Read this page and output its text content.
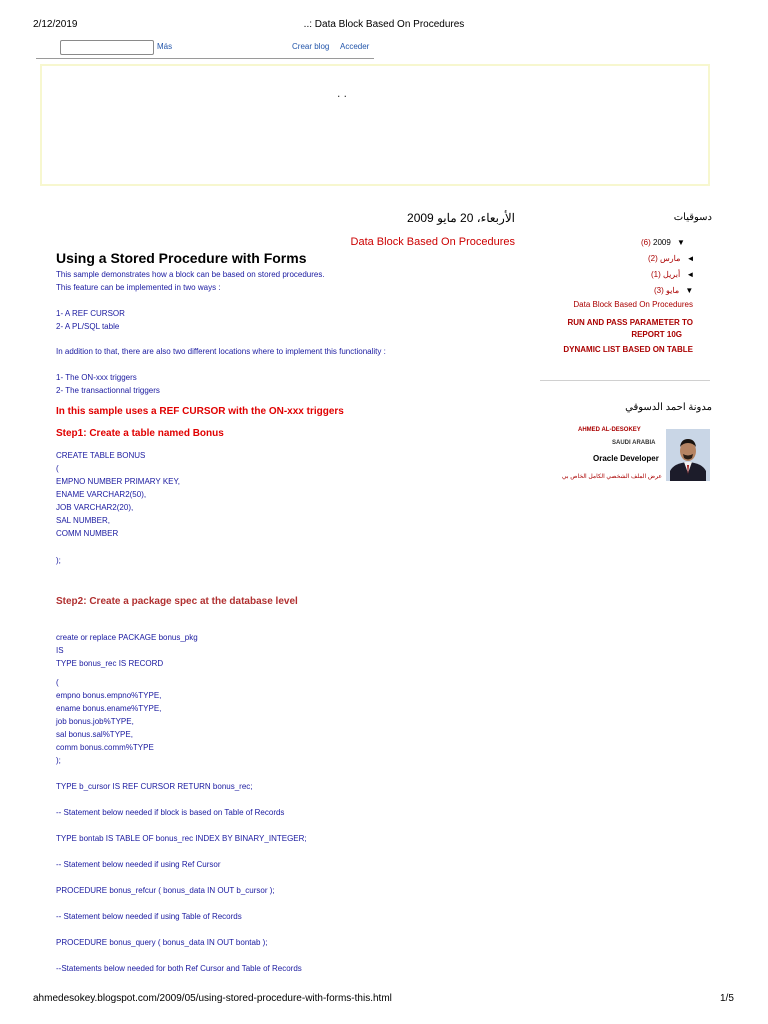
2/12/2019	..: Data Block Based On Procedures
Más	Crear blog Acceder
. .
الأربعاء، 20 مايو 2009
Data Block Based On Procedures
Using a Stored Procedure with Forms
This sample demonstrates how a block can be based on stored procedures.
This feature can be implemented in two ways :
1- A REF CURSOR
2- A PL/SQL table
In addition to that, there are also two different locations where to implement this functionality :
1- The ON-xxx triggers
2- The transactionnal triggers
In this sample uses a REF CURSOR with the ON-xxx triggers
Step1: Create a table named Bonus
CREATE TABLE BONUS
(
EMPNO NUMBER PRIMARY KEY,
ENAME VARCHAR2(50),
JOB VARCHAR2(20),
SAL NUMBER,
COMM NUMBER
);
Step2: Create a package spec at the database level
create or replace PACKAGE bonus_pkg
IS
TYPE bonus_rec IS RECORD
(
empno bonus.empno%TYPE,
ename bonus.ename%TYPE,
job bonus.job%TYPE,
sal bonus.sal%TYPE,
comm bonus.comm%TYPE
);
TYPE b_cursor IS REF CURSOR RETURN bonus_rec;
-- Statement below needed if block is based on Table of Records
TYPE bontab IS TABLE OF bonus_rec INDEX BY BINARY_INTEGER;
-- Statement below needed if using Ref Cursor
PROCEDURE bonus_refcur ( bonus_data IN OUT b_cursor );
-- Statement below needed if using Table of Records
PROCEDURE bonus_query ( bonus_data IN OUT bontab );
--Statements below needed for both Ref Cursor and Table of Records
دسوقيات
(6) 2009 ▼
(2) مارس ◄
(1) أبريل ◄
(3) مايو ▼
Data Block Based On Procedures
RUN AND PASS PARAMETER TO
REPORT 10G
DYNAMIC LIST BASED ON TABLE
مدونة احمد الدسوقي
AHMED AL-DESOKEY
SAUDI ARABIA
Oracle Developer
عرض الملف الشخصي الكامل الخاص بي
ahmedesokey.blogspot.com/2009/05/using-stored-procedure-with-forms-this.html	1/5
